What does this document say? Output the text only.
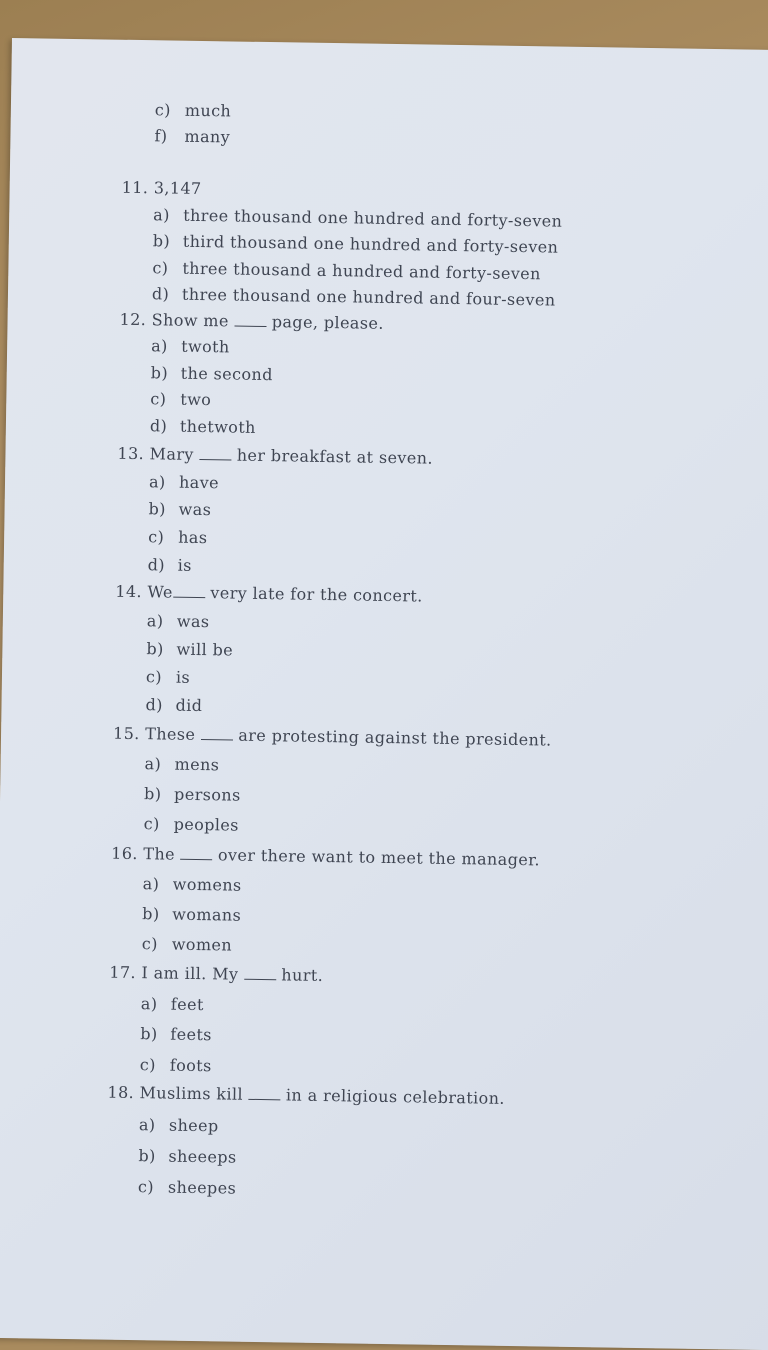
c) much
f) many
11. 3,147
a) three thousand one hundred and forty-seven
b) third thousand one hundred and forty-seven
c) three thousand a hundred and forty-seven
d) three thousand one hundred and four-seven
12. Show me  page, please.
a) twoth
b) the second
c) two
d) thetwoth
13. Mary  her breakfast at seven.
a) have
b) was
c) has
d) is
14. We very late for the concert.
a) was
b) will be
c) is
d) did
15. These  are protesting against the president.
a) mens
b) persons
c) peoples
16. The  over there want to meet the manager.
a) womens
b) womans
c) women
17. I am ill. My  hurt.
a) feet
b) feets
c) foots
18. Muslims kill  in a religious celebration.
a) sheep
b) sheeeps
c) sheepes
